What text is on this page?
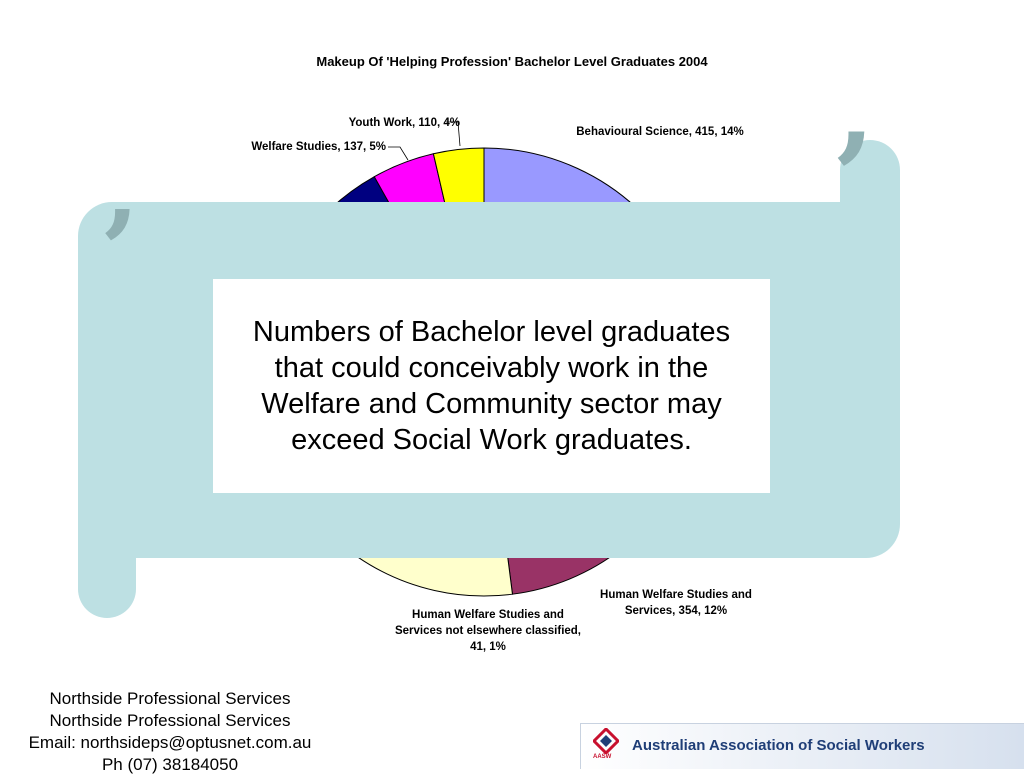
Makeup Of 'Helping Profession' Bachelor Level Graduates 2004
Behavioural Science, 415, 14%
Youth Work, 110, 4%
Welfare Studies, 137, 5%
Human Welfare Studies and Services, 354, 12%
Human Welfare Studies and Services not elsewhere classified, 41, 1%
’
’
Numbers of Bachelor level graduates that could conceivably work in the Welfare and Community sector may exceed Social Work graduates.
Northside Professional Services
Northside Professional Services
Email: northsideps@optusnet.com.au
Ph (07) 38184050	AASW
Australian Association of Social Workers
